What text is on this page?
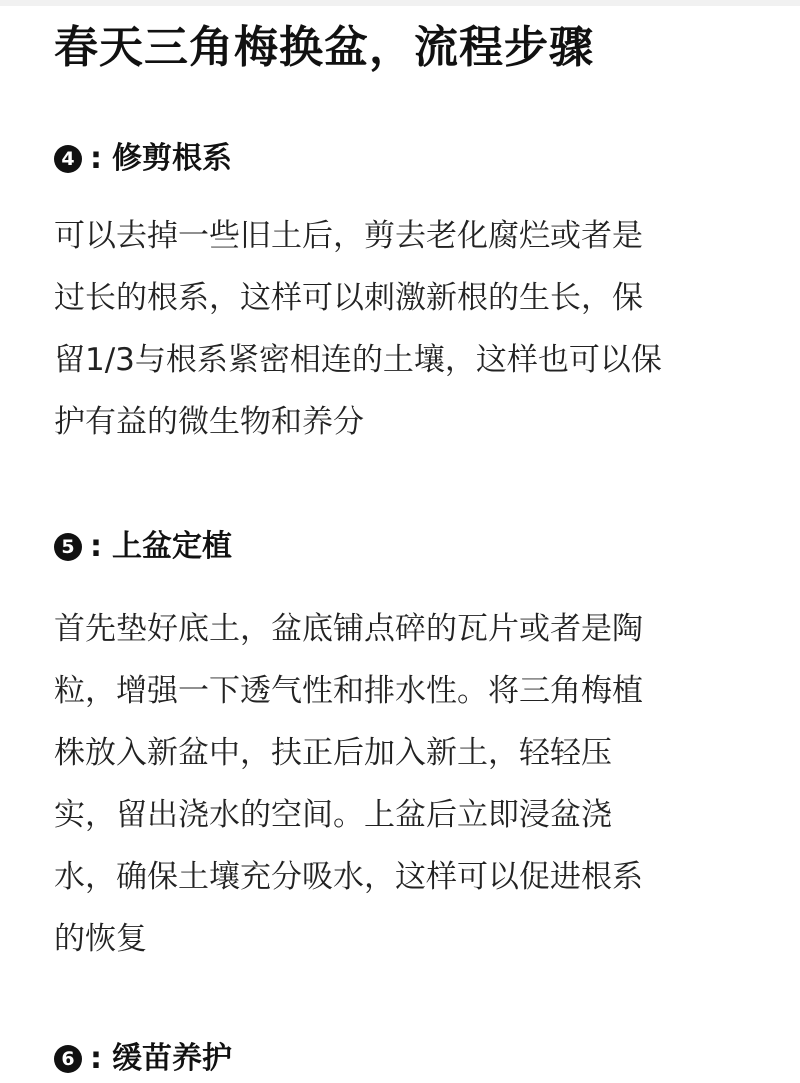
春天三角梅换盆，流程步骤
4 : 修剪根系

可以去掉一些旧土后，剪去老化腐烂或者是
过长的根系，这样可以刺激新根的生长，保
留1/3与根系紧密相连的土壤，这样也可以保
护有益的微生物和养分

5 : 上盆定植

首先垫好底土，盆底铺点碎的瓦片或者是陶
粒，增强一下透气性和排水性。将三角梅植
株放入新盆中，扶正后加入新土，轻轻压
实，留出浇水的空间。上盆后立即浸盆浇
水，确保土壤充分吸水，这样可以促进根系
的恢复

6 : 缓苗养护
